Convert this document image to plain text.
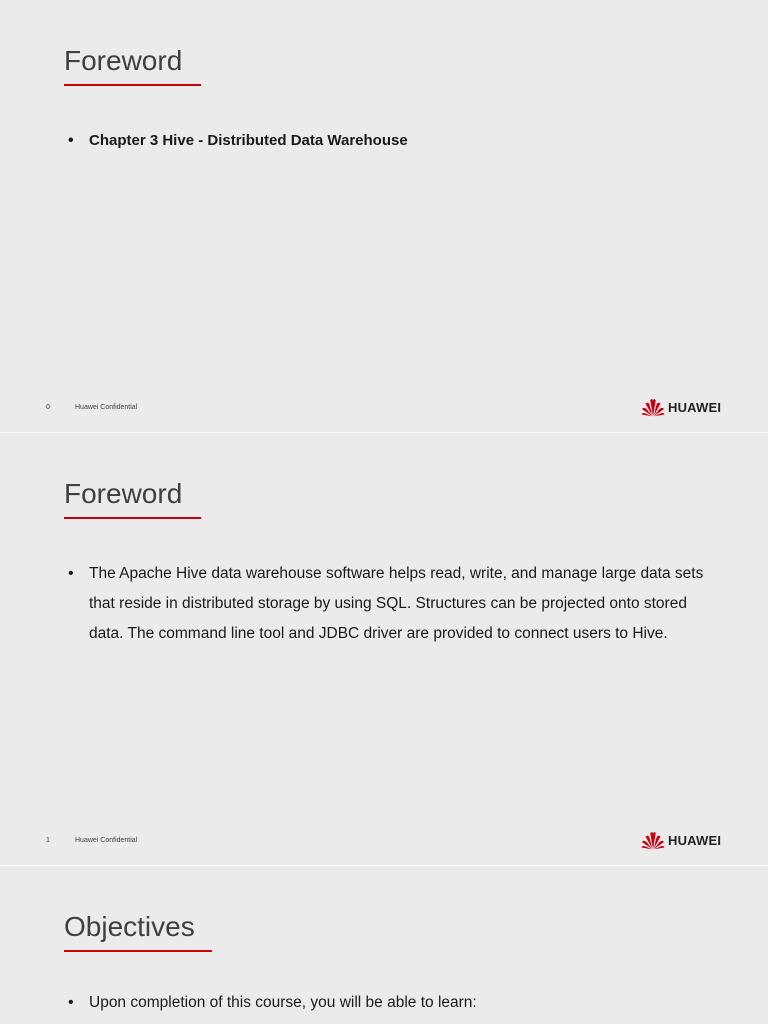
Foreword
• Chapter 3 Hive - Distributed Data Warehouse
0	Huawei Confidential	HUAWEI
Foreword
• The Apache Hive data warehouse software helps read, write, and manage large data sets that reside in distributed storage by using SQL. Structures can be projected onto stored data. The command line tool and JDBC driver are provided to connect users to Hive.
1	Huawei Confidential	HUAWEI
Objectives
• Upon completion of this course, you will be able to learn:
